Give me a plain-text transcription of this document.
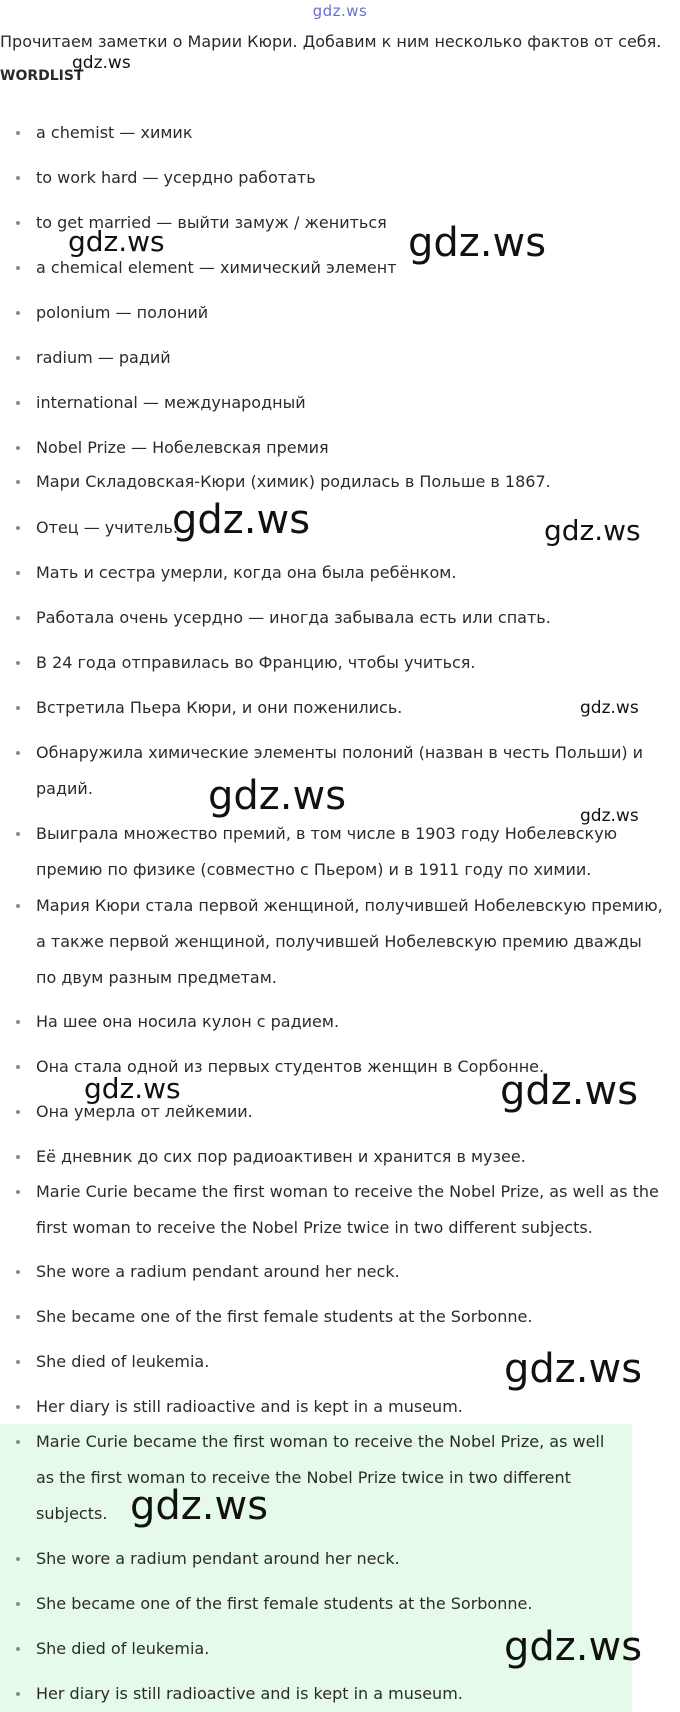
gdz.ws
Прочитаем заметки о Марии Кюри. Добавим к ним несколько фактов от себя.
WORDLIST
a chemist — химик
to work hard — усердно работать
to get married — выйти замуж / жениться
a chemical element — химический элемент
polonium — полоний
radium — радий
international — международный
Nobel Prize — Нобелевская премия
Мари Складовская-Кюри (химик) родилась в Польше в 1867.
Отец — учитель.
Мать и сестра умерли, когда она была ребёнком.
Работала очень усердно — иногда забывала есть или спать.
В 24 года отправилась во Францию, чтобы учиться.
Встретила Пьера Кюри, и они поженились.
Обнаружила химические элементы полоний (назван в честь Польши) и радий.
Выиграла множество премий, в том числе в 1903 году Нобелевскую премию по физике (совместно с Пьером) и в 1911 году по химии.
Мария Кюри стала первой женщиной, получившей Нобелевскую премию, а также первой женщиной, получившей Нобелевскую премию дважды по двум разным предметам.
На шее она носила кулон с радием.
Она стала одной из первых студентов женщин в Сорбонне.
Она умерла от лейкемии.
Её дневник до сих пор радиоактивен и хранится в музее.
Marie Curie became the first woman to receive the Nobel Prize, as well as the first woman to receive the Nobel Prize twice in two different subjects.
She wore a radium pendant around her neck.
She became one of the first female students at the Sorbonne.
She died of leukemia.
Her diary is still radioactive and is kept in a museum.
Marie Curie became the first woman to receive the Nobel Prize, as well as the first woman to receive the Nobel Prize twice in two different subjects.
She wore a radium pendant around her neck.
She became one of the first female students at the Sorbonne.
She died of leukemia.
Her diary is still radioactive and is kept in a museum.
gdz.ws
gdz.ws	gdz.ws
gdz.ws	gdz.ws
gdz.ws
gdz.ws	gdz.ws
gdz.ws	gdz.ws
gdz.ws
gdz.ws
gdz.ws
